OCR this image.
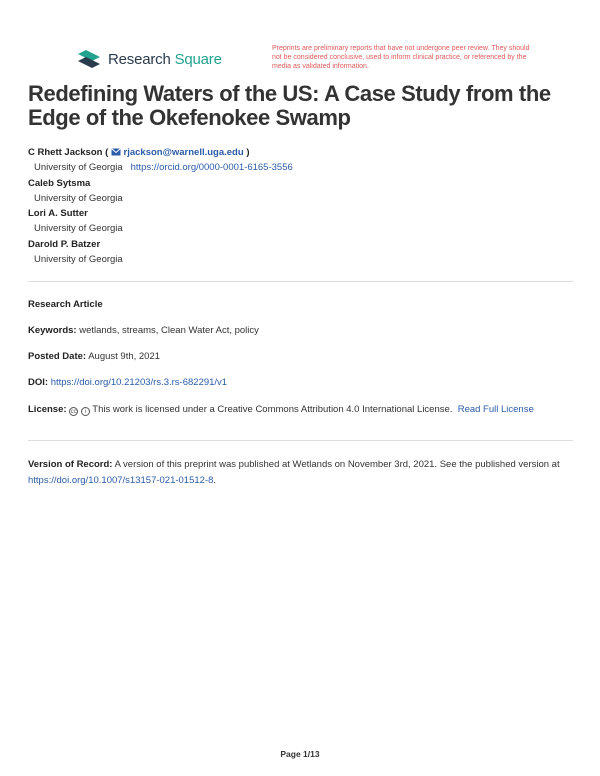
Research Square
Preprints are preliminary reports that have not undergone peer review. They should not be considered conclusive, used to inform clinical practice, or referenced by the media as validated information.
Redefining Waters of the US: A Case Study from the Edge of the Okefenokee Swamp
C Rhett Jackson ( rjackson@warnell.uga.edu )
University of Georgia https://orcid.org/0000-0001-6165-3556
Caleb Sytsma
University of Georgia
Lori A. Sutter
University of Georgia
Darold P. Batzer
University of Georgia
Research Article
Keywords: wetlands, streams, Clean Water Act, policy
Posted Date: August 9th, 2021
DOI: https://doi.org/10.21203/rs.3.rs-682291/v1
License: cc i This work is licensed under a Creative Commons Attribution 4.0 International License. Read Full License
Version of Record: A version of this preprint was published at Wetlands on November 3rd, 2021. See the published version at https://doi.org/10.1007/s13157-021-01512-8.
Page 1/13
